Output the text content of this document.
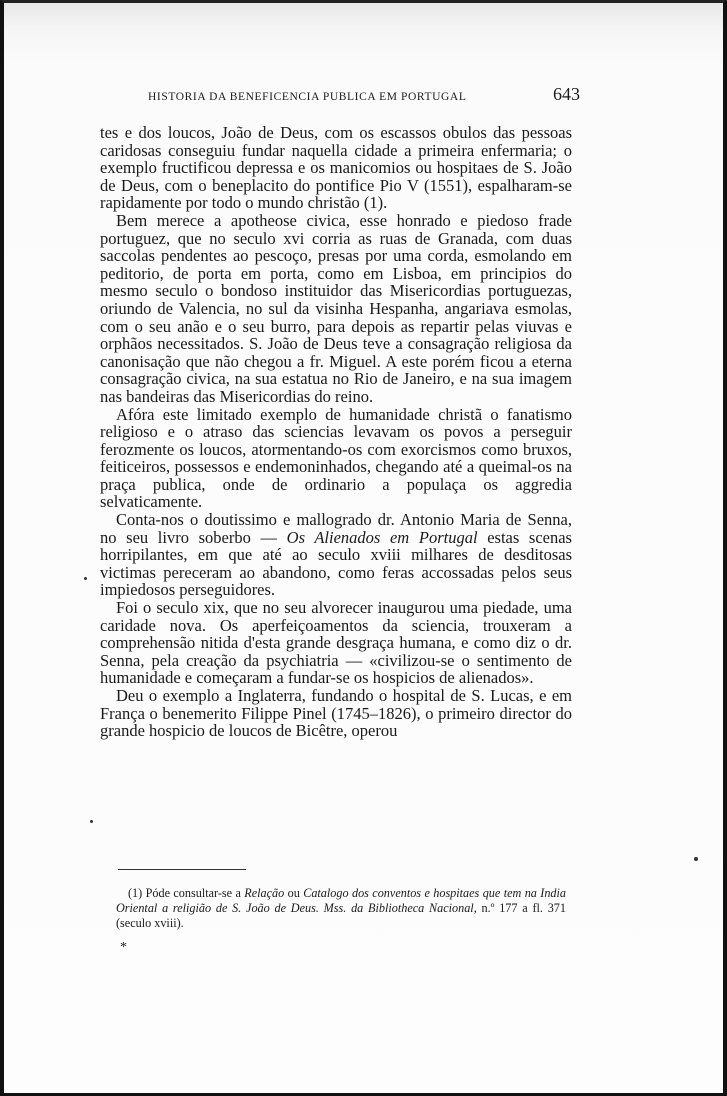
HISTORIA DA BENEFICENCIA PUBLICA EM PORTUGAL	643

tes e dos loucos, João de Deus, com os escassos obulos das pessoas caridosas conseguiu fundar naquella cidade a primeira enfermaria; o exemplo fructificou depressa e os manicomios ou hospitaes de S. João de Deus, com o beneplacito do pontifice Pio V (1551), espalharam-se rapidamente por todo o mundo christão (1).

Bem merece a apotheose civica, esse honrado e piedoso frade portuguez, que no seculo xvi corria as ruas de Granada, com duas saccolas pendentes ao pescoço, presas por uma corda, esmolando em peditorio, de porta em porta, como em Lisboa, em principios do mesmo seculo o bondoso instituidor das Misericordias portuguezas, oriundo de Valencia, no sul da visinha Hespanha, angariava esmolas, com o seu anão e o seu burro, para depois as repartir pelas viuvas e orphãos necessitados. S. João de Deus teve a consagração religiosa da canonisação que não chegou a fr. Miguel. A este porém ficou a eterna consagração civica, na sua estatua no Rio de Janeiro, e na sua imagem nas bandeiras das Misericordias do reino.

Afóra este limitado exemplo de humanidade christã o fanatismo religioso e o atraso das sciencias levavam os povos a perseguir ferozmente os loucos, atormentando-os com exorcismos como bruxos, feiticeiros, possessos e endemoninhados, chegando até a queimal-os na praça publica, onde de ordinario a populaça os aggredia selvaticamente.

Conta-nos o doutissimo e mallogrado dr. Antonio Maria de Senna, no seu livro soberbo — Os Alienados em Portugal estas scenas horripilantes, em que até ao seculo xviii milhares de desditosas victimas pereceram ao abandono, como feras accossadas pelos seus impiedosos perseguidores.

Foi o seculo xix, que no seu alvorecer inaugurou uma piedade, uma caridade nova. Os aperfeiçoamentos da sciencia, trouxeram a comprehensão nitida d'esta grande desgraça humana, e como diz o dr. Senna, pela creação da psychiatria — «civilizou-se o sentimento de humanidade e começaram a fundar-se os hospicios de alienados».

Deu o exemplo a Inglaterra, fundando o hospital de S. Lucas, e em França o benemerito Filippe Pinel (1745–1826), o primeiro director do grande hospicio de loucos de Bicêtre, operou

(1) Póde consultar-se a Relação ou Catalogo dos conventos e hospitaes que tem na India Oriental a religião de S. João de Deus. Mss. da Bibliotheca Nacional, n.º 177 a fl. 371 (seculo xviii).

*
